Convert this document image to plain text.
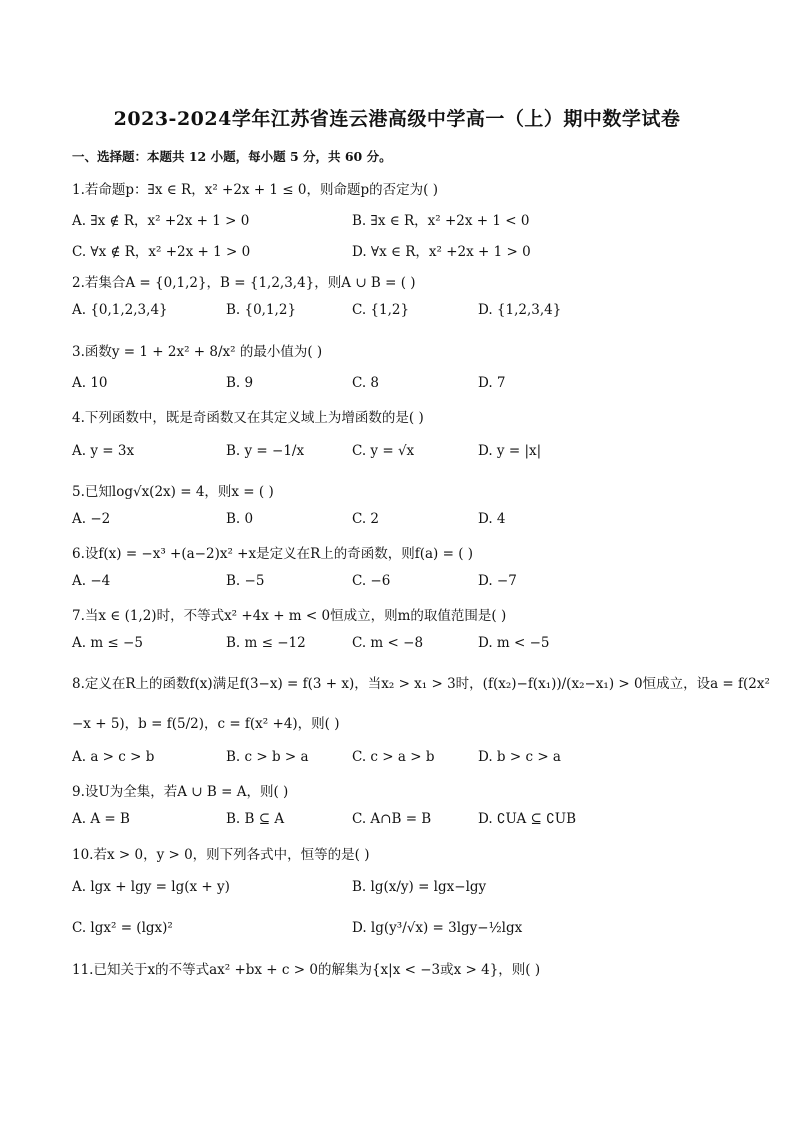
2023-2024学年江苏省连云港高级中学高一（上）期中数学试卷
一、选择题：本题共 12 小题，每小题 5 分，共 60 分。
1.若命题p：∃x ∈ R，x² +2x + 1 ≤ 0，则命题p的否定为( )
A. ∃x ∉ R，x² +2x + 1 > 0	B. ∃x ∈ R，x² +2x + 1 < 0
C. ∀x ∉ R，x² +2x + 1 > 0	D. ∀x ∈ R，x² +2x + 1 > 0
2.若集合A = {0,1,2}，B = {1,2,3,4}，则A ∪ B = ( )
A. {0,1,2,3,4}	B. {0,1,2}	C. {1,2}	D. {1,2,3,4}
3.函数y = 1 + 2x² + 8/x² 的最小值为( )
A. 10	B. 9	C. 8	D. 7
4.下列函数中，既是奇函数又在其定义域上为增函数的是( )
A. y = 3x	B. y = −1/x	C. y = √x	D. y = |x|
5.已知log√x(2x) = 4，则x = ( )
A. −2	B. 0	C. 2	D. 4
6.设f(x) = −x³ +(a−2)x² +x是定义在R上的奇函数，则f(a) = ( )
A. −4	B. −5	C. −6	D. −7
7.当x ∈ (1,2)时，不等式x² +4x + m < 0恒成立，则m的取值范围是( )
A. m ≤ −5	B. m ≤ −12	C. m < −8	D. m < −5
8.定义在R上的函数f(x)满足f(3−x) = f(3 + x)，当x₂ > x₁ > 3时，(f(x₂)−f(x₁))/(x₂−x₁) > 0恒成立，设a = f(2x²
−x + 5)，b = f(5/2)，c = f(x² +4)，则( )
A. a > c > b	B. c > b > a	C. c > a > b	D. b > c > a
9.设U为全集，若A ∪ B = A，则( )
A. A = B	B. B ⊆ A	C. A∩B = B	D. ∁UA ⊆ ∁UB
10.若x > 0，y > 0，则下列各式中，恒等的是( )
A. lgx + lgy = lg(x + y)	B. lg(x/y) = lgx−lgy
C. lgx² = (lgx)²	D. lg(y³/√x) = 3lgy−½lgx
11.已知关于x的不等式ax² +bx + c > 0的解集为{x|x < −3或x > 4}，则( )
